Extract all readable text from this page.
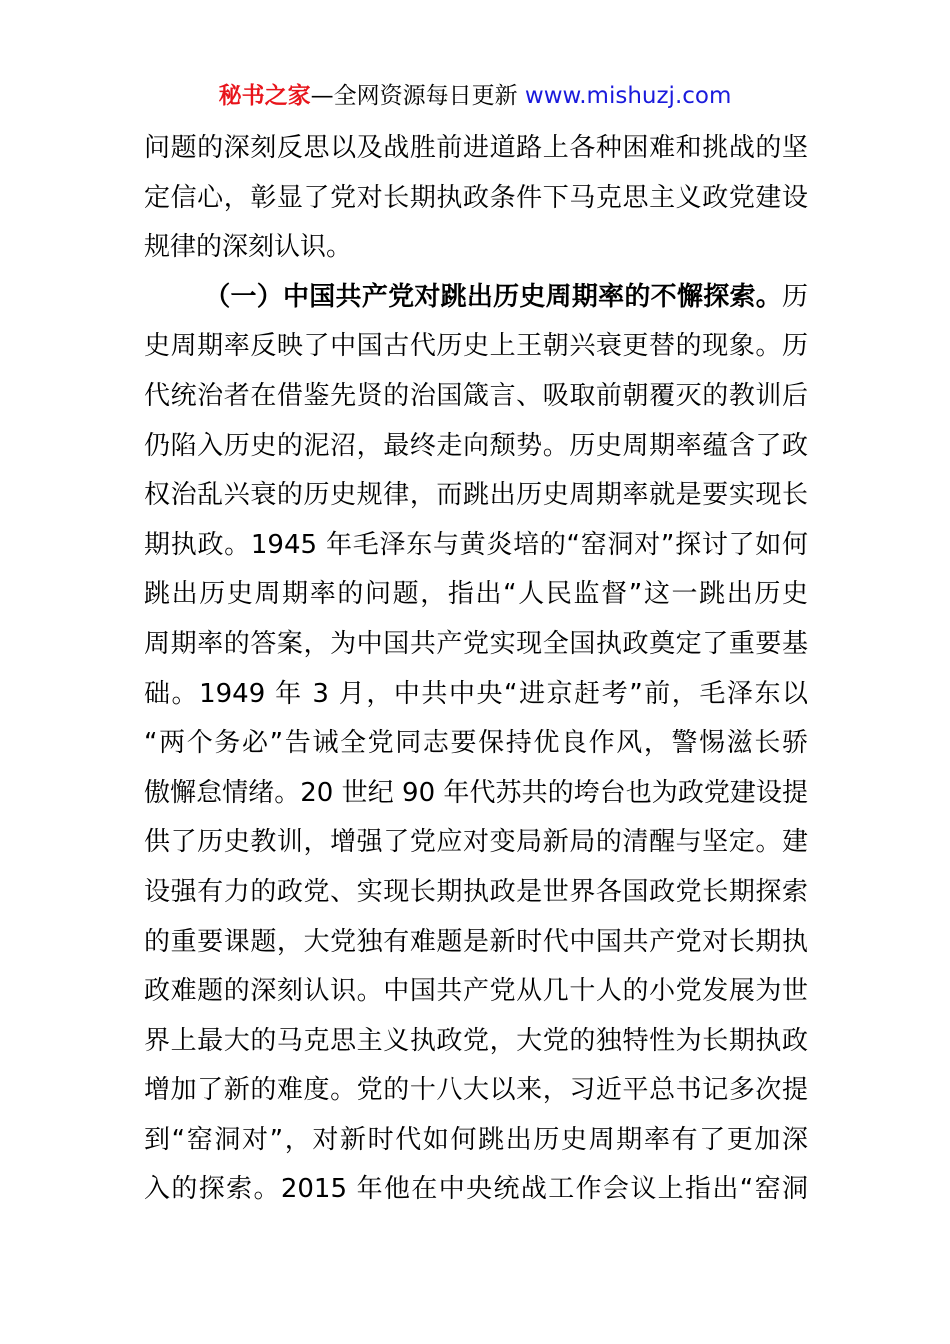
秘书之家—全网资源每日更新 www.mishuzj.com
问题的深刻反思以及战胜前进道路上各种困难和挑战的坚
定信心，彰显了党对长期执政条件下马克思主义政党建设
规律的深刻认识。
（一）中国共产党对跳出历史周期率的不懈探索。历
史周期率反映了中国古代历史上王朝兴衰更替的现象。历
代统治者在借鉴先贤的治国箴言、吸取前朝覆灭的教训后
仍陷入历史的泥沼，最终走向颓势。历史周期率蕴含了政
权治乱兴衰的历史规律，而跳出历史周期率就是要实现长
期执政。1945 年毛泽东与黄炎培的“窑洞对”探讨了如何
跳出历史周期率的问题，指出“人民监督”这一跳出历史
周期率的答案，为中国共产党实现全国执政奠定了重要基
础。1949 年 3 月，中共中央“进京赶考”前，毛泽东以
“两个务必”告诫全党同志要保持优良作风，警惕滋长骄
傲懈怠情绪。20 世纪 90 年代苏共的垮台也为政党建设提
供了历史教训，增强了党应对变局新局的清醒与坚定。建
设强有力的政党、实现长期执政是世界各国政党长期探索
的重要课题，大党独有难题是新时代中国共产党对长期执
政难题的深刻认识。中国共产党从几十人的小党发展为世
界上最大的马克思主义执政党，大党的独特性为长期执政
增加了新的难度。党的十八大以来，习近平总书记多次提
到“窑洞对”，对新时代如何跳出历史周期率有了更加深
入的探索。2015 年他在中央统战工作会议上指出“窑洞
